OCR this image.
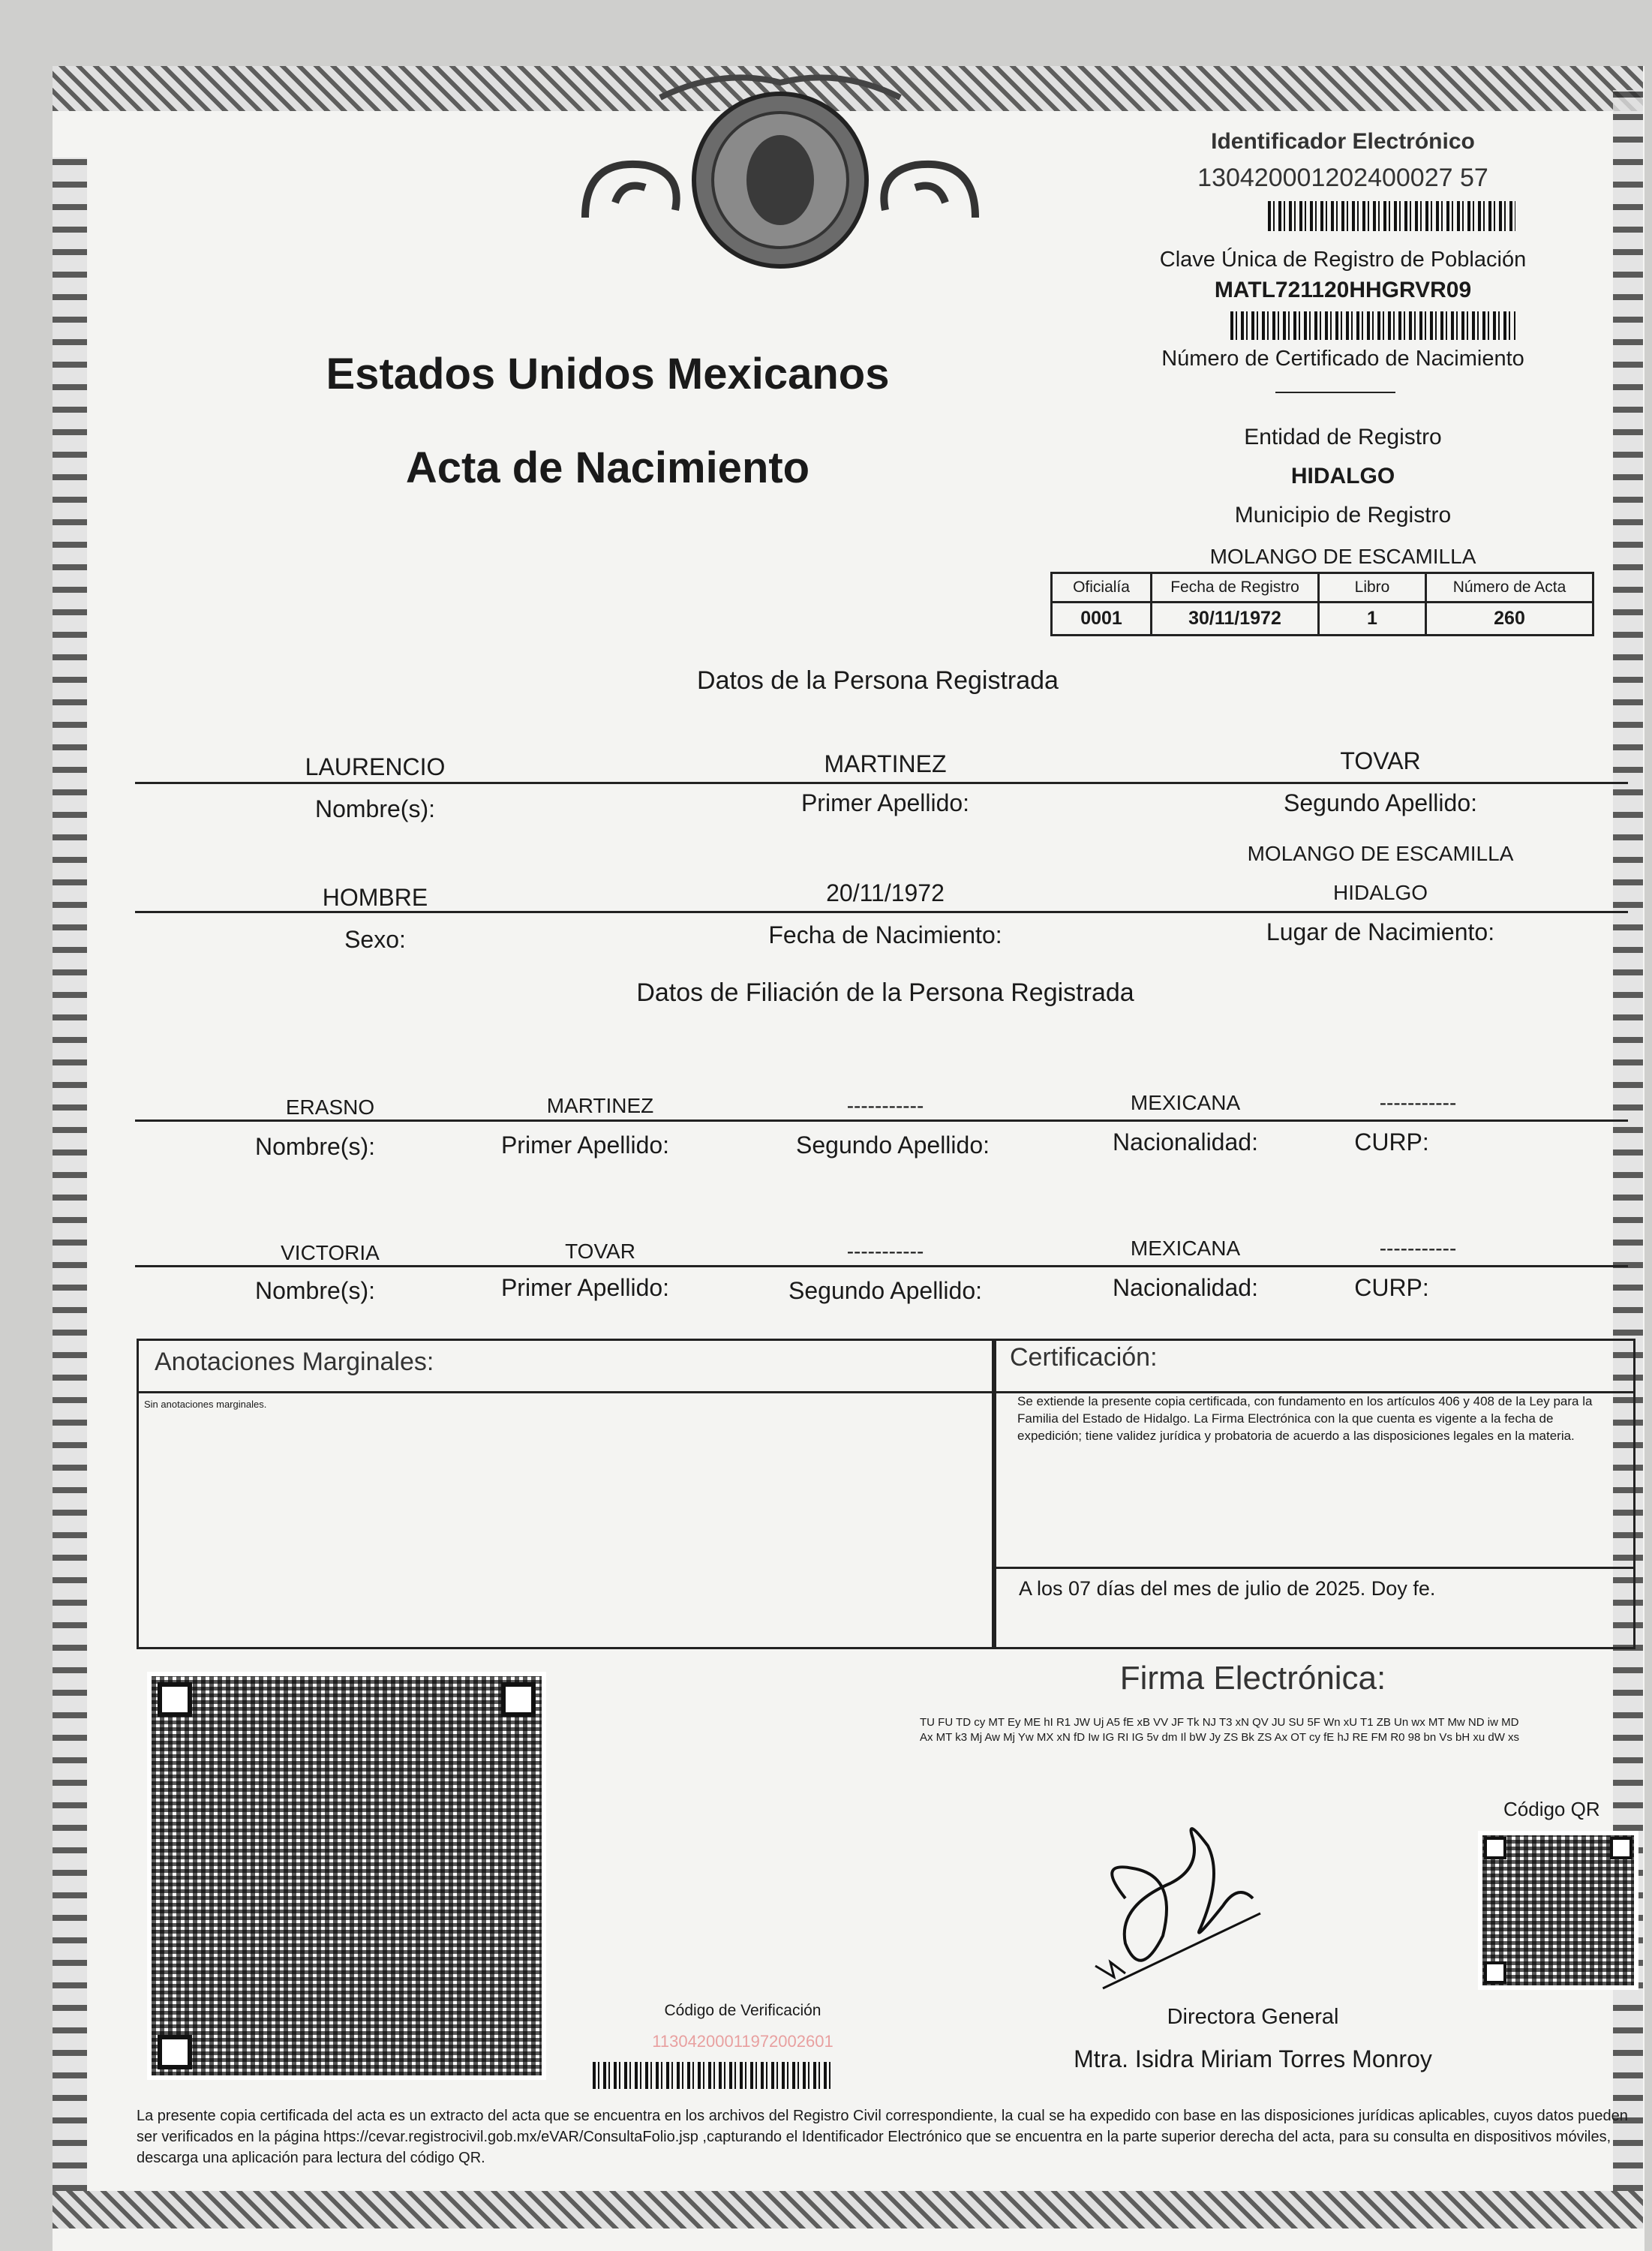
Identificador Electrónico
130420001202400027 57
Clave Única de Registro de Población
MATL721120HHGRVR09
Número de Certificado de Nacimiento
Entidad de Registro
HIDALGO
Municipio de Registro
MOLANGO DE ESCAMILLA
Oficialía	Fecha de Registro	Libro	Número de Acta
0001	30/11/1972	1	260
Estados Unidos Mexicanos
Acta de Nacimiento
Datos de la Persona Registrada
LAURENCIO	MARTINEZ	TOVAR
Nombre(s):	Primer Apellido:	Segundo Apellido:
MOLANGO DE ESCAMILLA
HOMBRE	20/11/1972	HIDALGO
Sexo:	Fecha de Nacimiento:	Lugar de Nacimiento:
Datos de Filiación de la Persona Registrada
ERASNO	MARTINEZ	-----------	MEXICANA	-----------
Nombre(s):	Primer Apellido:	Segundo Apellido:	Nacionalidad:	CURP:
VICTORIA	TOVAR	-----------	MEXICANA	-----------
Nombre(s):	Primer Apellido:	Segundo Apellido:	Nacionalidad:	CURP:
Anotaciones Marginales:
Sin anotaciones marginales.
Certificación:
Se extiende la presente copia certificada, con fundamento en los artículos 406 y 408 de la Ley para la Familia del Estado de Hidalgo. La Firma Electrónica con la que cuenta es vigente a la fecha de expedición; tiene validez jurídica y probatoria de acuerdo a las disposiciones legales en la materia.
A los 07 días del mes de julio de 2025. Doy fe.
Código de Verificación
11304200011972002601
Firma Electrónica:
TU FU TD cy MT Ey ME hI R1 JW Uj A5 fE xB VV JF Tk NJ T3 xN QV JU SU 5F Wn xU T1 ZB Un wx MT Mw ND iw MD Ax MT k3 Mj Aw Mj Yw MX xN fD Iw IG RI IG 5v dm Il bW Jy ZS Bk ZS Ax OT cy fE hJ RE FM R0 98 bn Vs bH xu dW xs
Código QR
Directora General
Mtra. Isidra Miriam Torres Monroy
La presente copia certificada del acta es un extracto del acta que se encuentra en los archivos del Registro Civil correspondiente, la cual se ha expedido con base en las disposiciones jurídicas aplicables, cuyos datos pueden ser verificados en la página https://cevar.registrocivil.gob.mx/eVAR/ConsultaFolio.jsp ,capturando el Identificador Electrónico que se encuentra en la parte superior derecha del acta, para su consulta en dispositivos móviles, descarga una aplicación para lectura del código QR.
